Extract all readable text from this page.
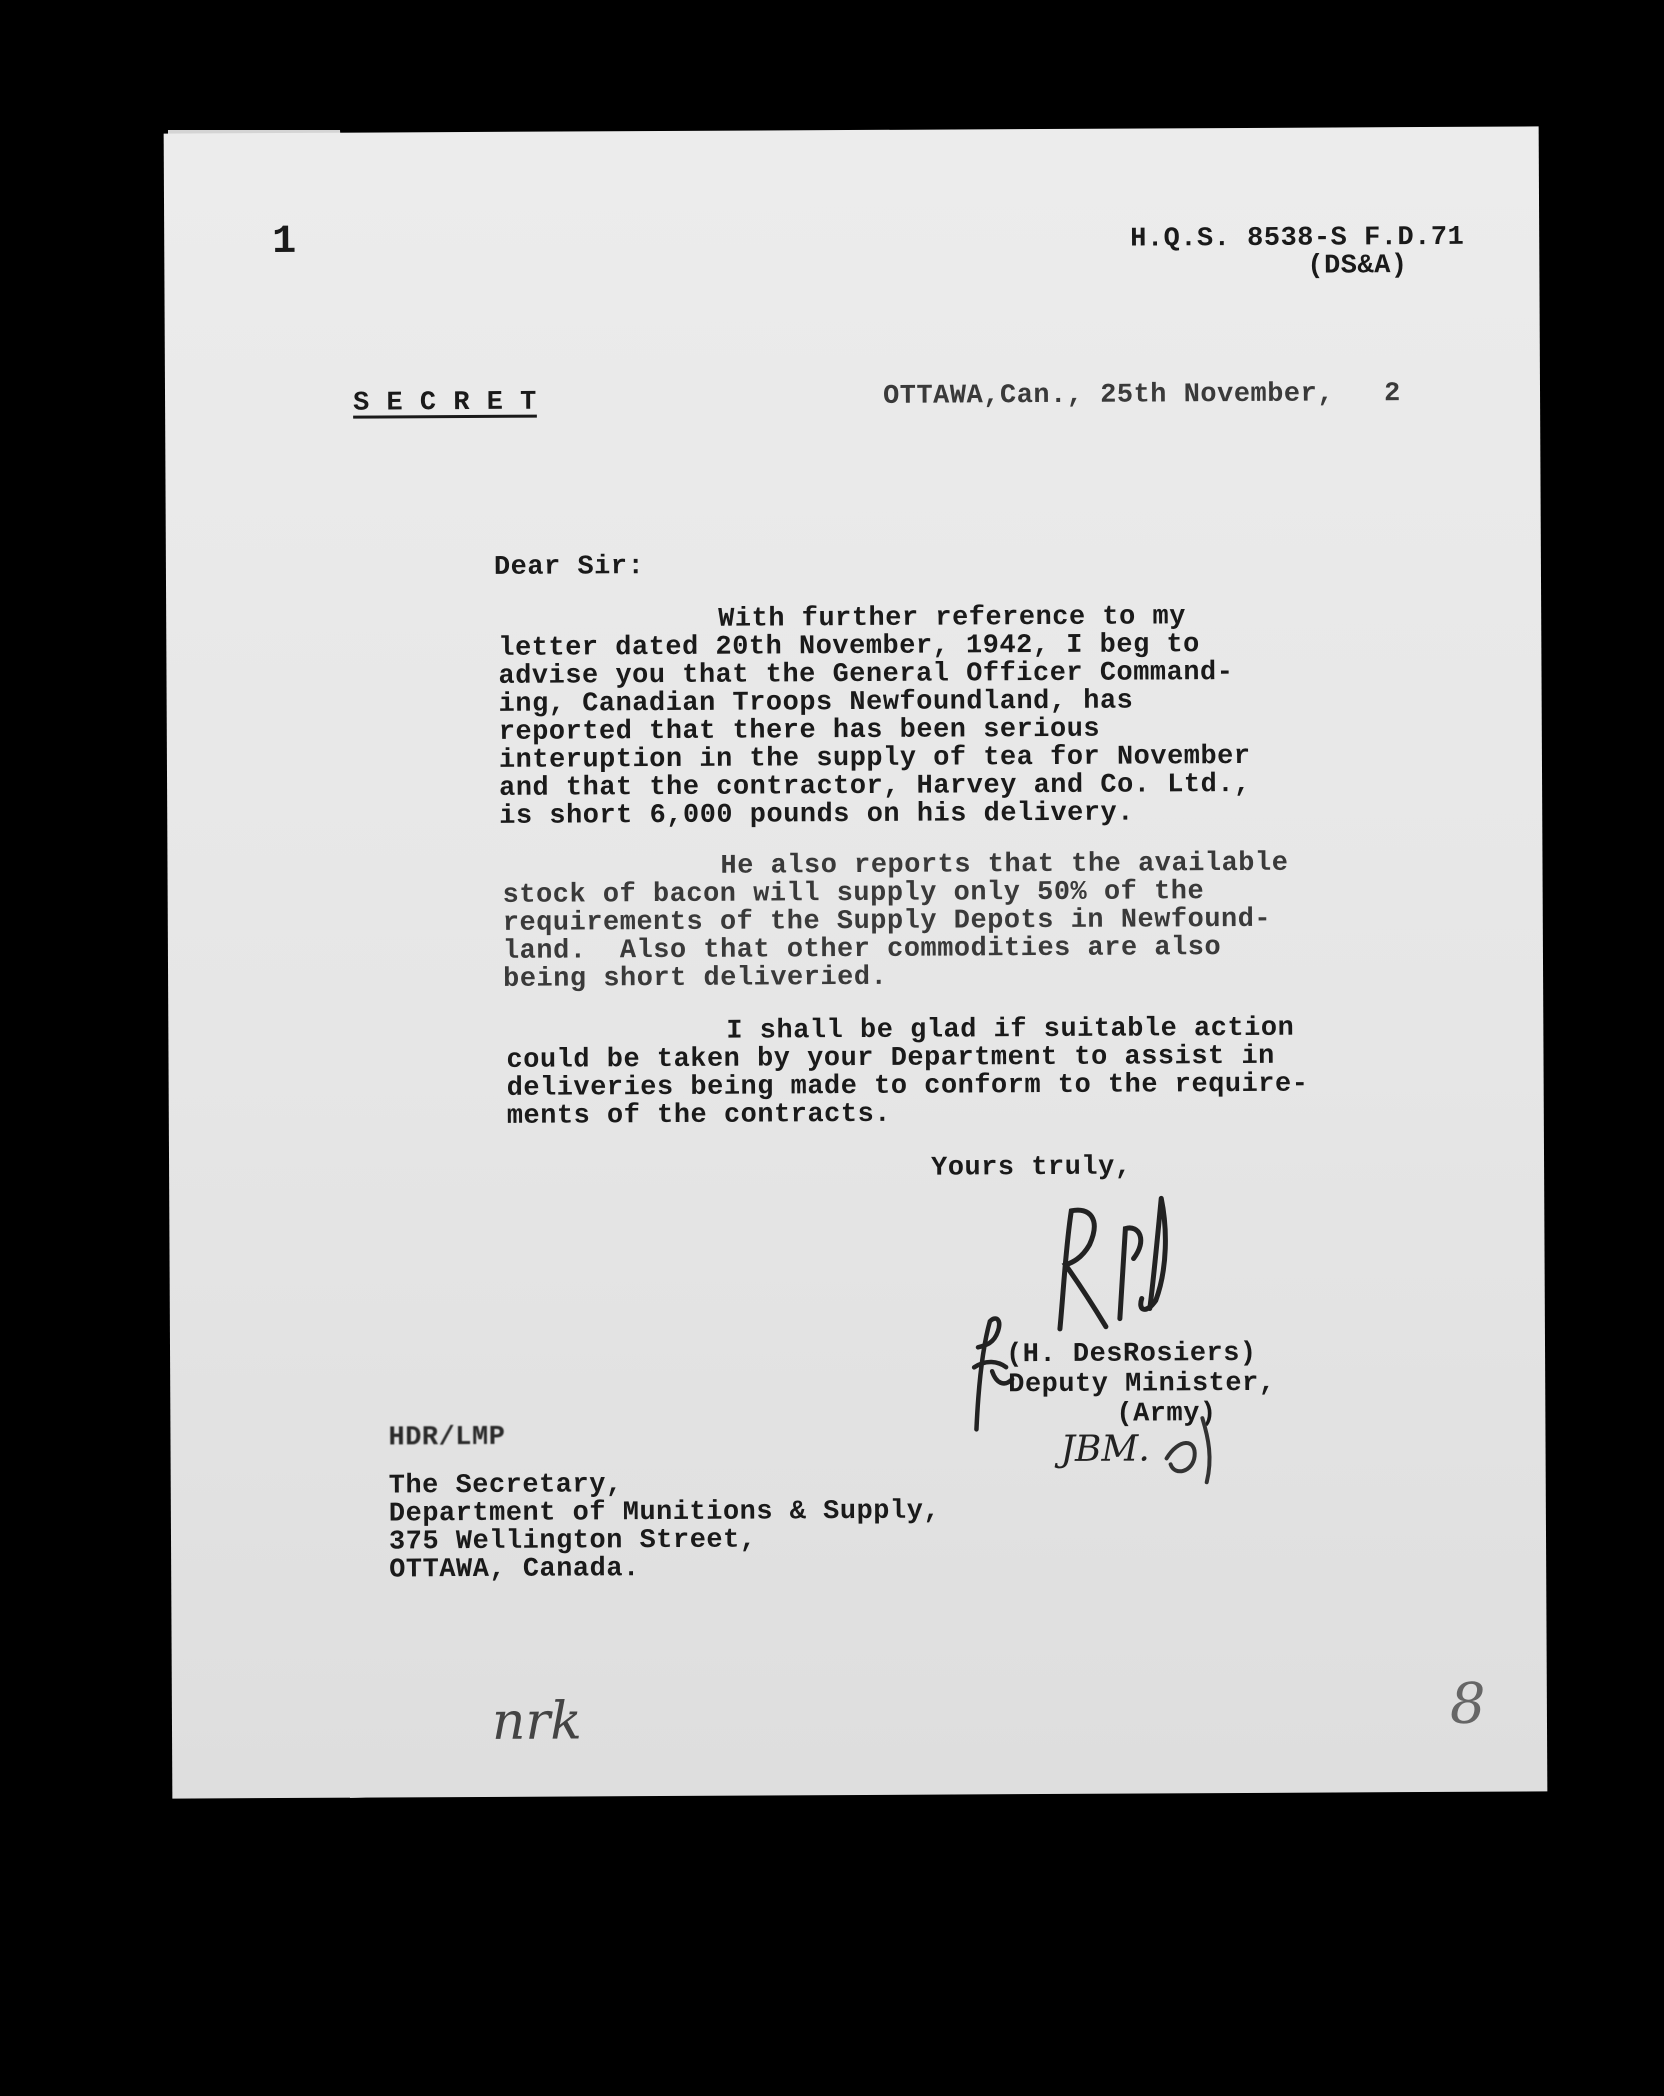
1	H.Q.S. 8538-S F.D.71
(DS&A)
S E C R E T	OTTAWA,Can., 25th November,   2
Dear Sir:
With further reference to my
letter dated 20th November, 1942, I beg to
advise you that the General Officer Command-
ing, Canadian Troops Newfoundland, has
reported that there has been serious
interuption in the supply of tea for November
and that the contractor, Harvey and Co. Ltd.,
is short 6,000 pounds on his delivery.
He also reports that the available
stock of bacon will supply only 50% of the
requirements of the Supply Depots in Newfound-
land.  Also that other commodities are also
being short deliveried.
I shall be glad if suitable action
could be taken by your Department to assist in
deliveries being made to conform to the require-
ments of the contracts.
Yours truly,
(H. DesRosiers)
Deputy Minister,
(Army)
JBM.
HDR/LMP
The Secretary,
Department of Munitions & Supply,
375 Wellington Street,
OTTAWA, Canada.
nrk	8
